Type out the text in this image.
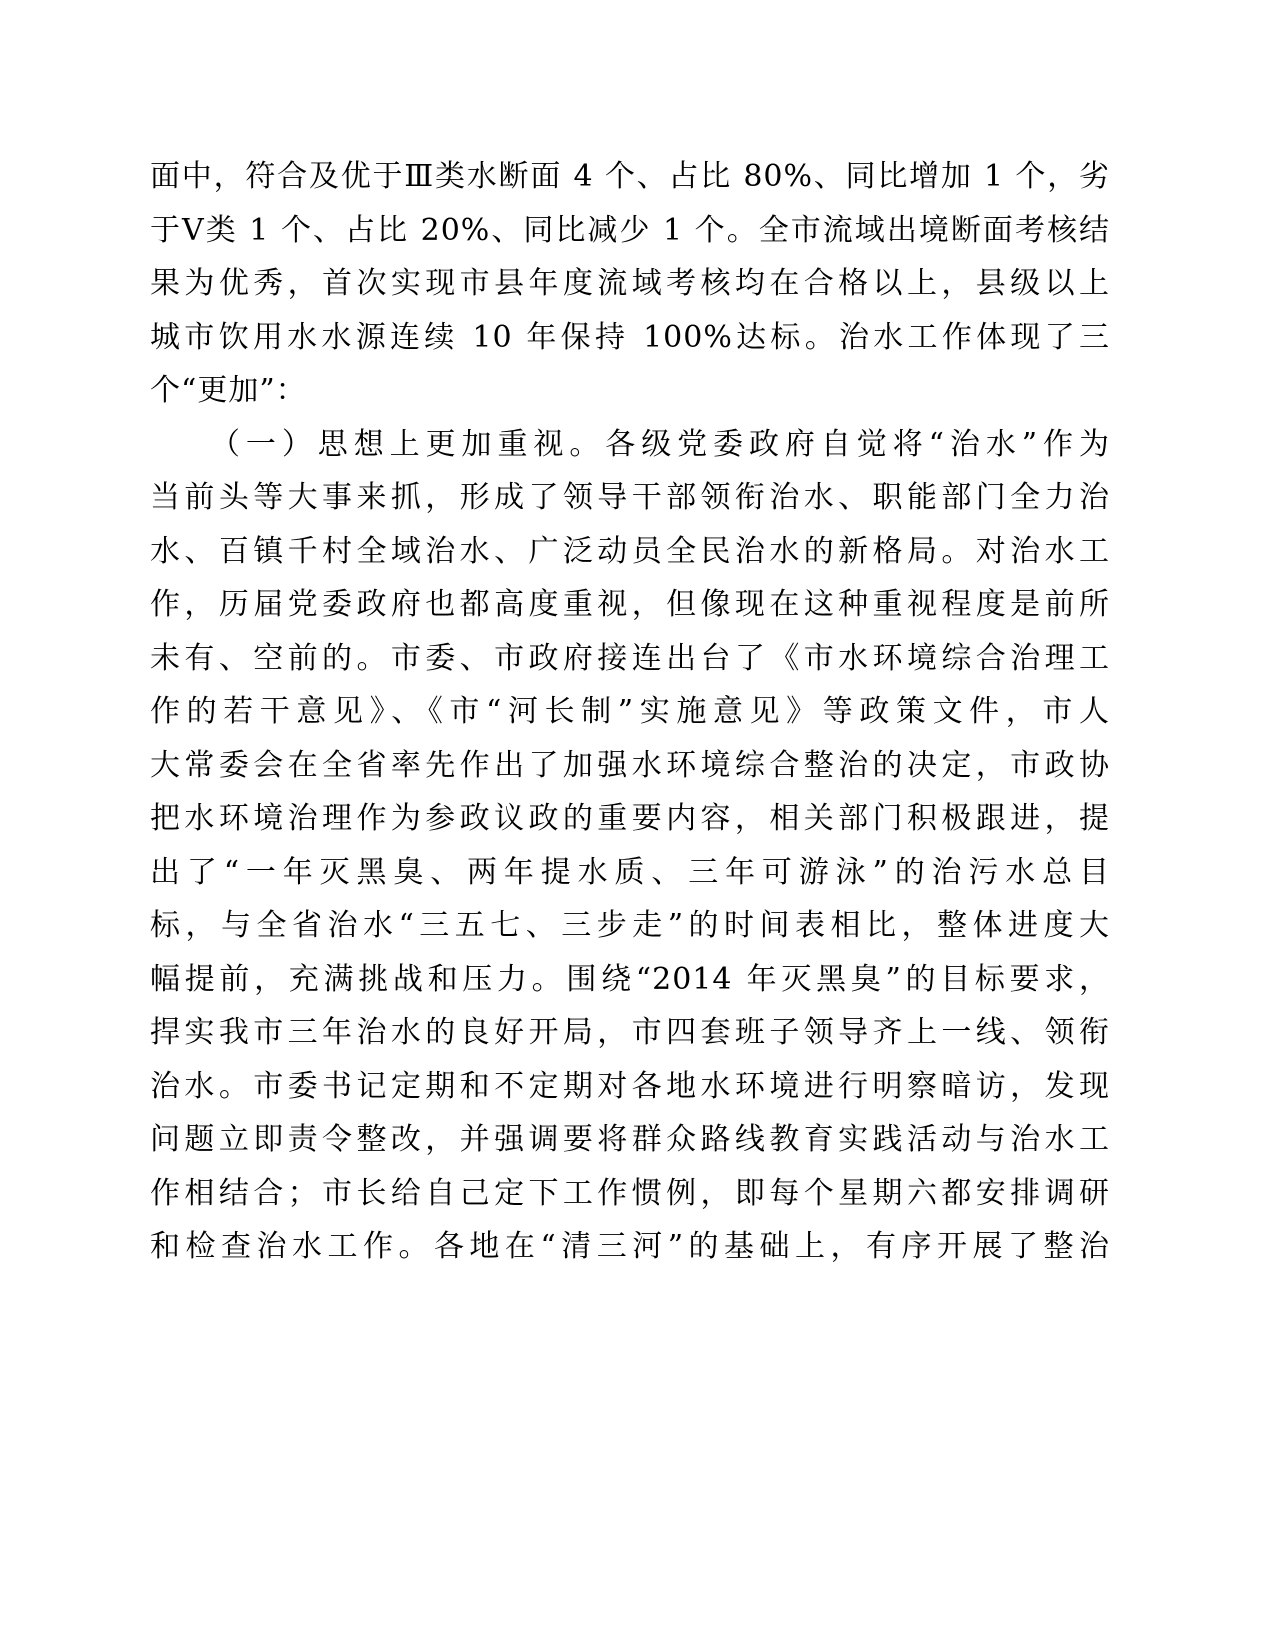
面中，符合及优于Ⅲ类水断面 4 个、占比 80%、同比增加 1 个，劣
于Ⅴ类 1 个、占比 20%、同比减少 1 个。全市流域出境断面考核结
果为优秀，首次实现市县年度流域考核均在合格以上，县级以上
城市饮用水水源连续 10 年保持 100%达标。治水工作体现了三
个“更加”：
（一）思想上更加重视。各级党委政府自觉将“治水”作为
当前头等大事来抓，形成了领导干部领衔治水、职能部门全力治
水、百镇千村全域治水、广泛动员全民治水的新格局。对治水工
作，历届党委政府也都高度重视，但像现在这种重视程度是前所
未有、空前的。市委、市政府接连出台了《市水环境综合治理工
作的若干意见》、《市“河长制”实施意见》等政策文件，市人
大常委会在全省率先作出了加强水环境综合整治的决定，市政协
把水环境治理作为参政议政的重要内容，相关部门积极跟进，提
出了“一年灭黑臭、两年提水质、三年可游泳”的治污水总目
标，与全省治水“三五七、三步走”的时间表相比，整体进度大
幅提前，充满挑战和压力。围绕“2014 年灭黑臭”的目标要求，
捍实我市三年治水的良好开局，市四套班子领导齐上一线、领衔
治水。市委书记定期和不定期对各地水环境进行明察暗访，发现
问题立即责令整改，并强调要将群众路线教育实践活动与治水工
作相结合；市长给自己定下工作惯例，即每个星期六都安排调研
和检查治水工作。各地在“清三河”的基础上，有序开展了整治
